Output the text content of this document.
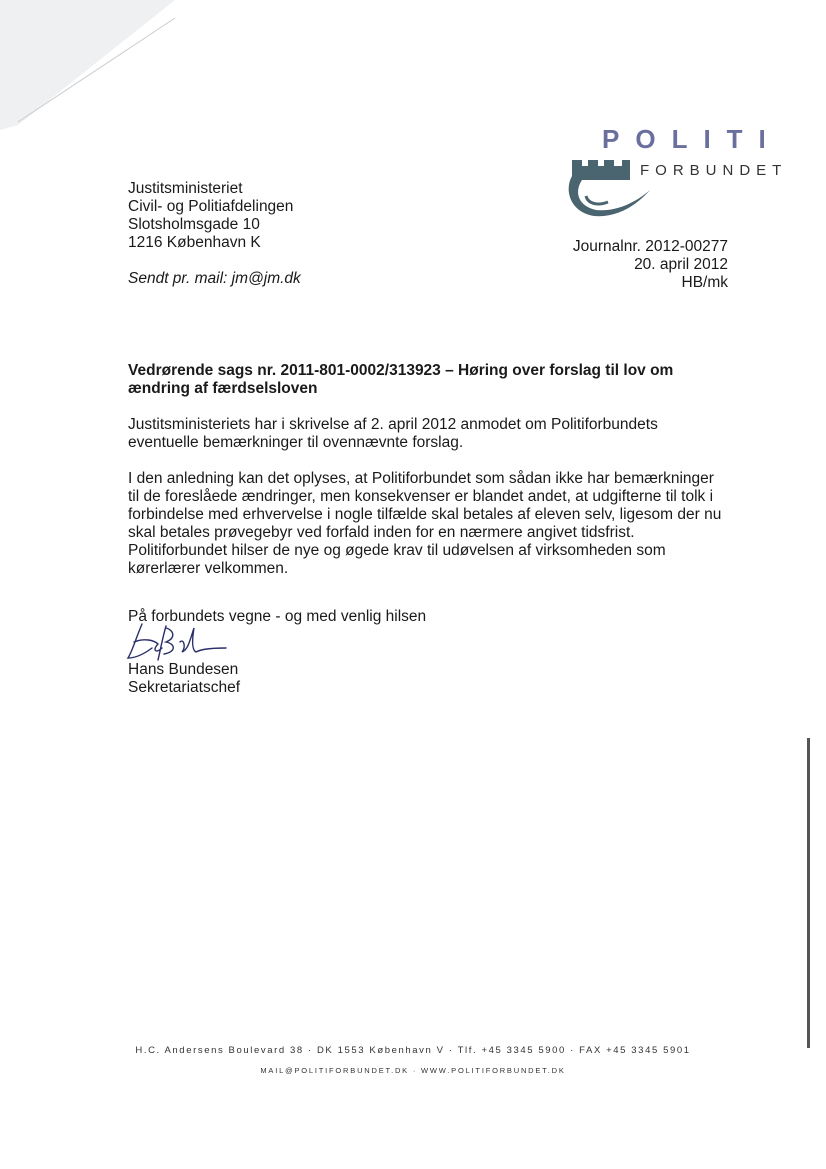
POLITI
FORBUNDET
Justitsministeriet
Civil- og Politiafdelingen
Slotsholmsgade 10
1216 København K
Sendt pr. mail: jm@jm.dk
Journalnr. 2012-00277
20. april 2012
HB/mk
Vedrørende sags nr. 2011-801-0002/313923 – Høring over forslag til lov om ændring af færdselsloven

Justitsministeriets har i skrivelse af 2. april 2012 anmodet om Politiforbundets eventuelle bemærkninger til ovennævnte forslag.

I den anledning kan det oplyses, at Politiforbundet som sådan ikke har bemærkninger til de foreslåede ændringer, men konsekvenser er blandet andet, at udgifterne til tolk i forbindelse med erhvervelse i nogle tilfælde skal betales af eleven selv, ligesom der nu skal betales prøvegebyr ved forfald inden for en nærmere angivet tidsfrist.

Politiforbundet hilser de nye og øgede krav til udøvelsen af virksomheden som kørerlærer velkommen.

På forbundets vegne - og med venlig hilsen
Hans Bundesen
Sekretariatschef
H.C. Andersens Boulevard 38 · DK 1553 København V · Tlf. +45 3345 5900 · FAX +45 3345 5901
MAIL@POLITIFORBUNDET.DK · WWW.POLITIFORBUNDET.DK
